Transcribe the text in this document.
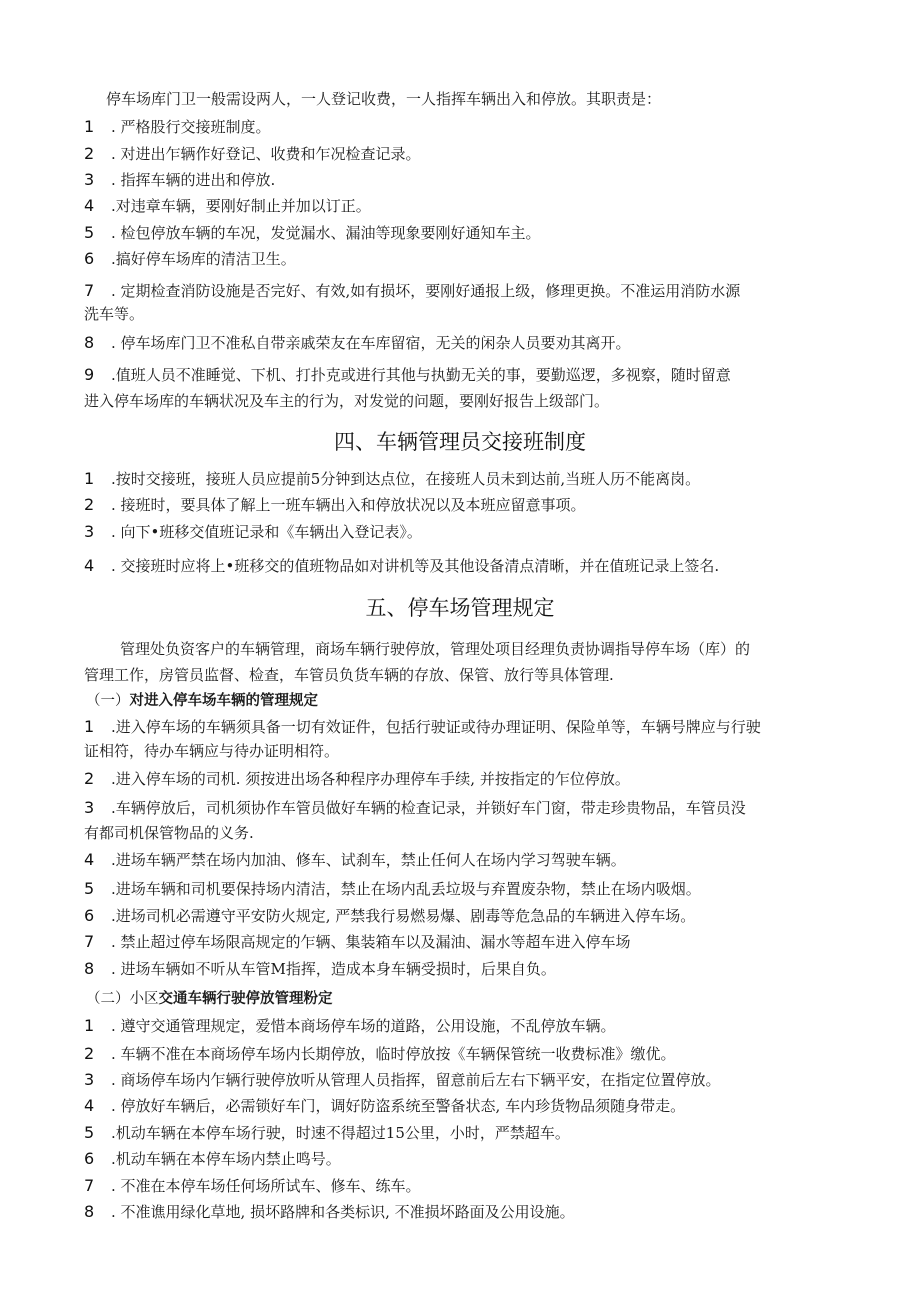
停车场库门卫一般需设两人，一人登记收费，一人指挥车辆出入和停放。其职责是：
1 . 严格股行交接班制度。
2 . 对进出乍辆作好登记、收费和乍况检查记录。
3 . 指挥车辆的进出和停放.
4 .对违章车辆，要刚好制止并加以订正。
5 . 检包停放车辆的车况，发觉漏水、漏油等现象要刚好通知车主。
6 .搞好停车场库的清洁卫生。
7 . 定期检查消防设施是否完好、有效,如有损坏，要刚好通报上级，修理更换。不准运用消防水源
洗车等。
8 . 停车场库门卫不准私自带亲戚荣友在车库留宿，无关的闲杂人员要劝其离开。
9 .值班人员不准睡觉、下机、打扑克或进行其他与执勤无关的事，要勤巡逻，多视察，随时留意
进入停车场库的车辆状况及车主的行为，对发觉的问题，要刚好报告上级部门。
四、车辆管理员交接班制度
1 .按时交接班，接班人员应提前5分钟到达点位，在接班人员未到达前,当班人历不能离岗。
2 . 接班时，要具体了解上一班车辆出入和停放状况以及本班应留意事项。
3 . 向下•班移交值班记录和《车辆出入登记表》。
4 . 交接班时应将上•班移交的值班物品如对讲机等及其他设备清点清晰，并在值班记录上签名.
五、停车场管理规定
管理处负资客户的车辆管理，商场车辆行驶停放，管理处项目经理负责协调指导停车场（库）的
管理工作，房管员监督、检查，车管员负货车辆的存放、保管、放行等具体管理.
（一）对进入停车场车辆的管理规定
1 .进入停车场的车辆须具备一切有效证件，包括行驶证或待办理证明、保险单等，车辆号牌应与行驶
证相符，待办车辆应与待办证明相符。
2 .进入停车场的司机. 须按进出场各种程序办理停车手续, 并按指定的乍位停放。
3 .车辆停放后，司机须协作车管员做好车辆的检查记录，并锁好车门窗，带走珍贵物品，车管员没
有都司机保管物品的义务.
4 .进场车辆严禁在场内加油、修车、试刹车，禁止任何人在场内学习驾驶车辆。
5 .进场车辆和司机要保持场内清洁，禁止在场内乱丢垃圾与弃置废杂物，禁止在场内吸烟。
6 .进场司机必需遵守平安防火规定, 严禁我行易燃易爆、剧毒等危急品的车辆进入停车场。
7 . 禁止超过停车场限高规定的乍辆、集装箱车以及漏油、漏水等超车进入停车场
8 . 进场车辆如不听从车管M指挥，造成本身车辆受损时，后果自负。
（二）小区交通车辆行驶停放管理粉定
1 . 遵守交通管理规定，爱惜本商场停车场的道路，公用设施，不乱停放车辆。
2 . 车辆不准在本商场停车场内长期停放，临时停放按《车辆保管统一收费标准》缴优。
3 . 商场停车场内乍辆行驶停放听从管理人员指挥，留意前后左右下辆平安，在指定位置停放。
4 . 停放好车辆后，必需锁好车门，调好防盗系统至警备状态, 车内珍货物品须随身带走。
5 .机动车辆在本停车场行驶，时速不得超过15公里，小时，严禁超车。
6 .机动车辆在本停车场内禁止鸣号。
7 . 不准在本停车场任何场所试车、修车、练车。
8 . 不准谯用绿化草地, 损坏路牌和各类标识, 不准损坏路面及公用设施。
